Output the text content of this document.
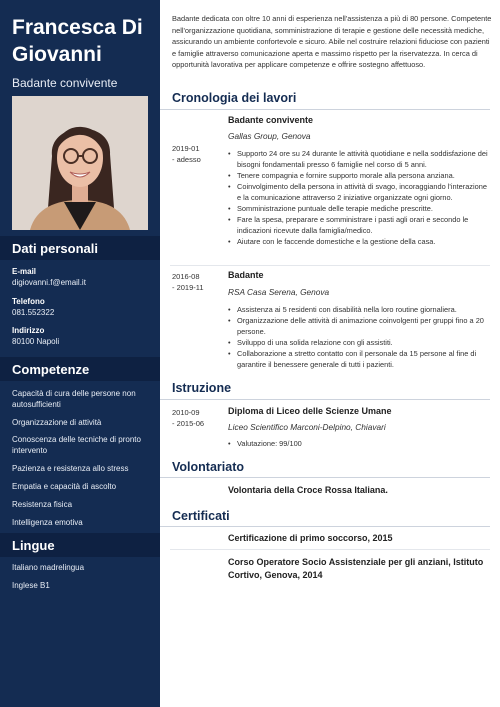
Francesca Di
Giovanni
Badante convivente
Dati personali
E-mail
digiovanni.f@email.it
Telefono
081.552322
Indirizzo
80100 Napoli
Competenze
Capacità di cura delle persone non autosufficienti
Organizzazione di attività
Conoscenza delle tecniche di pronto intervento
Pazienza e resistenza allo stress
Empatia e capacità di ascolto
Resistenza fisica
Intelligenza emotiva
Lingue
Italiano madrelingua
Inglese B1
Badante dedicata con oltre 10 anni di esperienza nell'assistenza a più di 80 persone. Competente nell'organizzazione quotidiana, somministrazione di terapie e gestione delle necessità mediche, assicurando un ambiente confortevole e sicuro. Abile nel costruire relazioni fiduciose con pazienti e famiglie attraverso comunicazione aperta e massimo rispetto per la riservatezza. In cerca di opportunità lavorativa per applicare competenze e offrire sostegno affettuoso.
Cronologia dei lavori
2019-01
- adesso
Badante convivente
Gallas Group, Genova
• Supporto 24 ore su 24 durante le attività quotidiane e nella soddisfazione dei bisogni fondamentali presso 6 famiglie nel corso di 5 anni.
• Tenere compagnia e fornire supporto morale alla persona anziana.
• Coinvolgimento della persona in attività di svago, incoraggiando l'interazione e la comunicazione attraverso 2 iniziative organizzate ogni giorno.
• Somministrazione puntuale delle terapie mediche prescritte.
• Fare la spesa, preparare e somministrare i pasti agli orari e secondo le indicazioni ricevute dalla famiglia/medico.
• Aiutare con le faccende domestiche e la gestione della casa.
2016-08
- 2019-11
Badante
RSA Casa Serena, Genova
• Assistenza ai 5 residenti con disabilità nella loro routine giornaliera.
• Organizzazione delle attività di animazione coinvolgenti per gruppi fino a 20 persone.
• Sviluppo di una solida relazione con gli assistiti.
• Collaborazione a stretto contatto con il personale da 15 persone al fine di garantire il benessere generale di tutti i pazienti.
Istruzione
2010-09
- 2015-06
Diploma di Liceo delle Scienze Umane
Liceo Scientifico Marconi-Delpino, Chiavari
• Valutazione: 99/100
Volontariato
Volontaria della Croce Rossa Italiana.
Certificati
Certificazione di primo soccorso, 2015
Corso Operatore Socio Assistenziale per gli anziani, Istituto Cortivo, Genova, 2014
